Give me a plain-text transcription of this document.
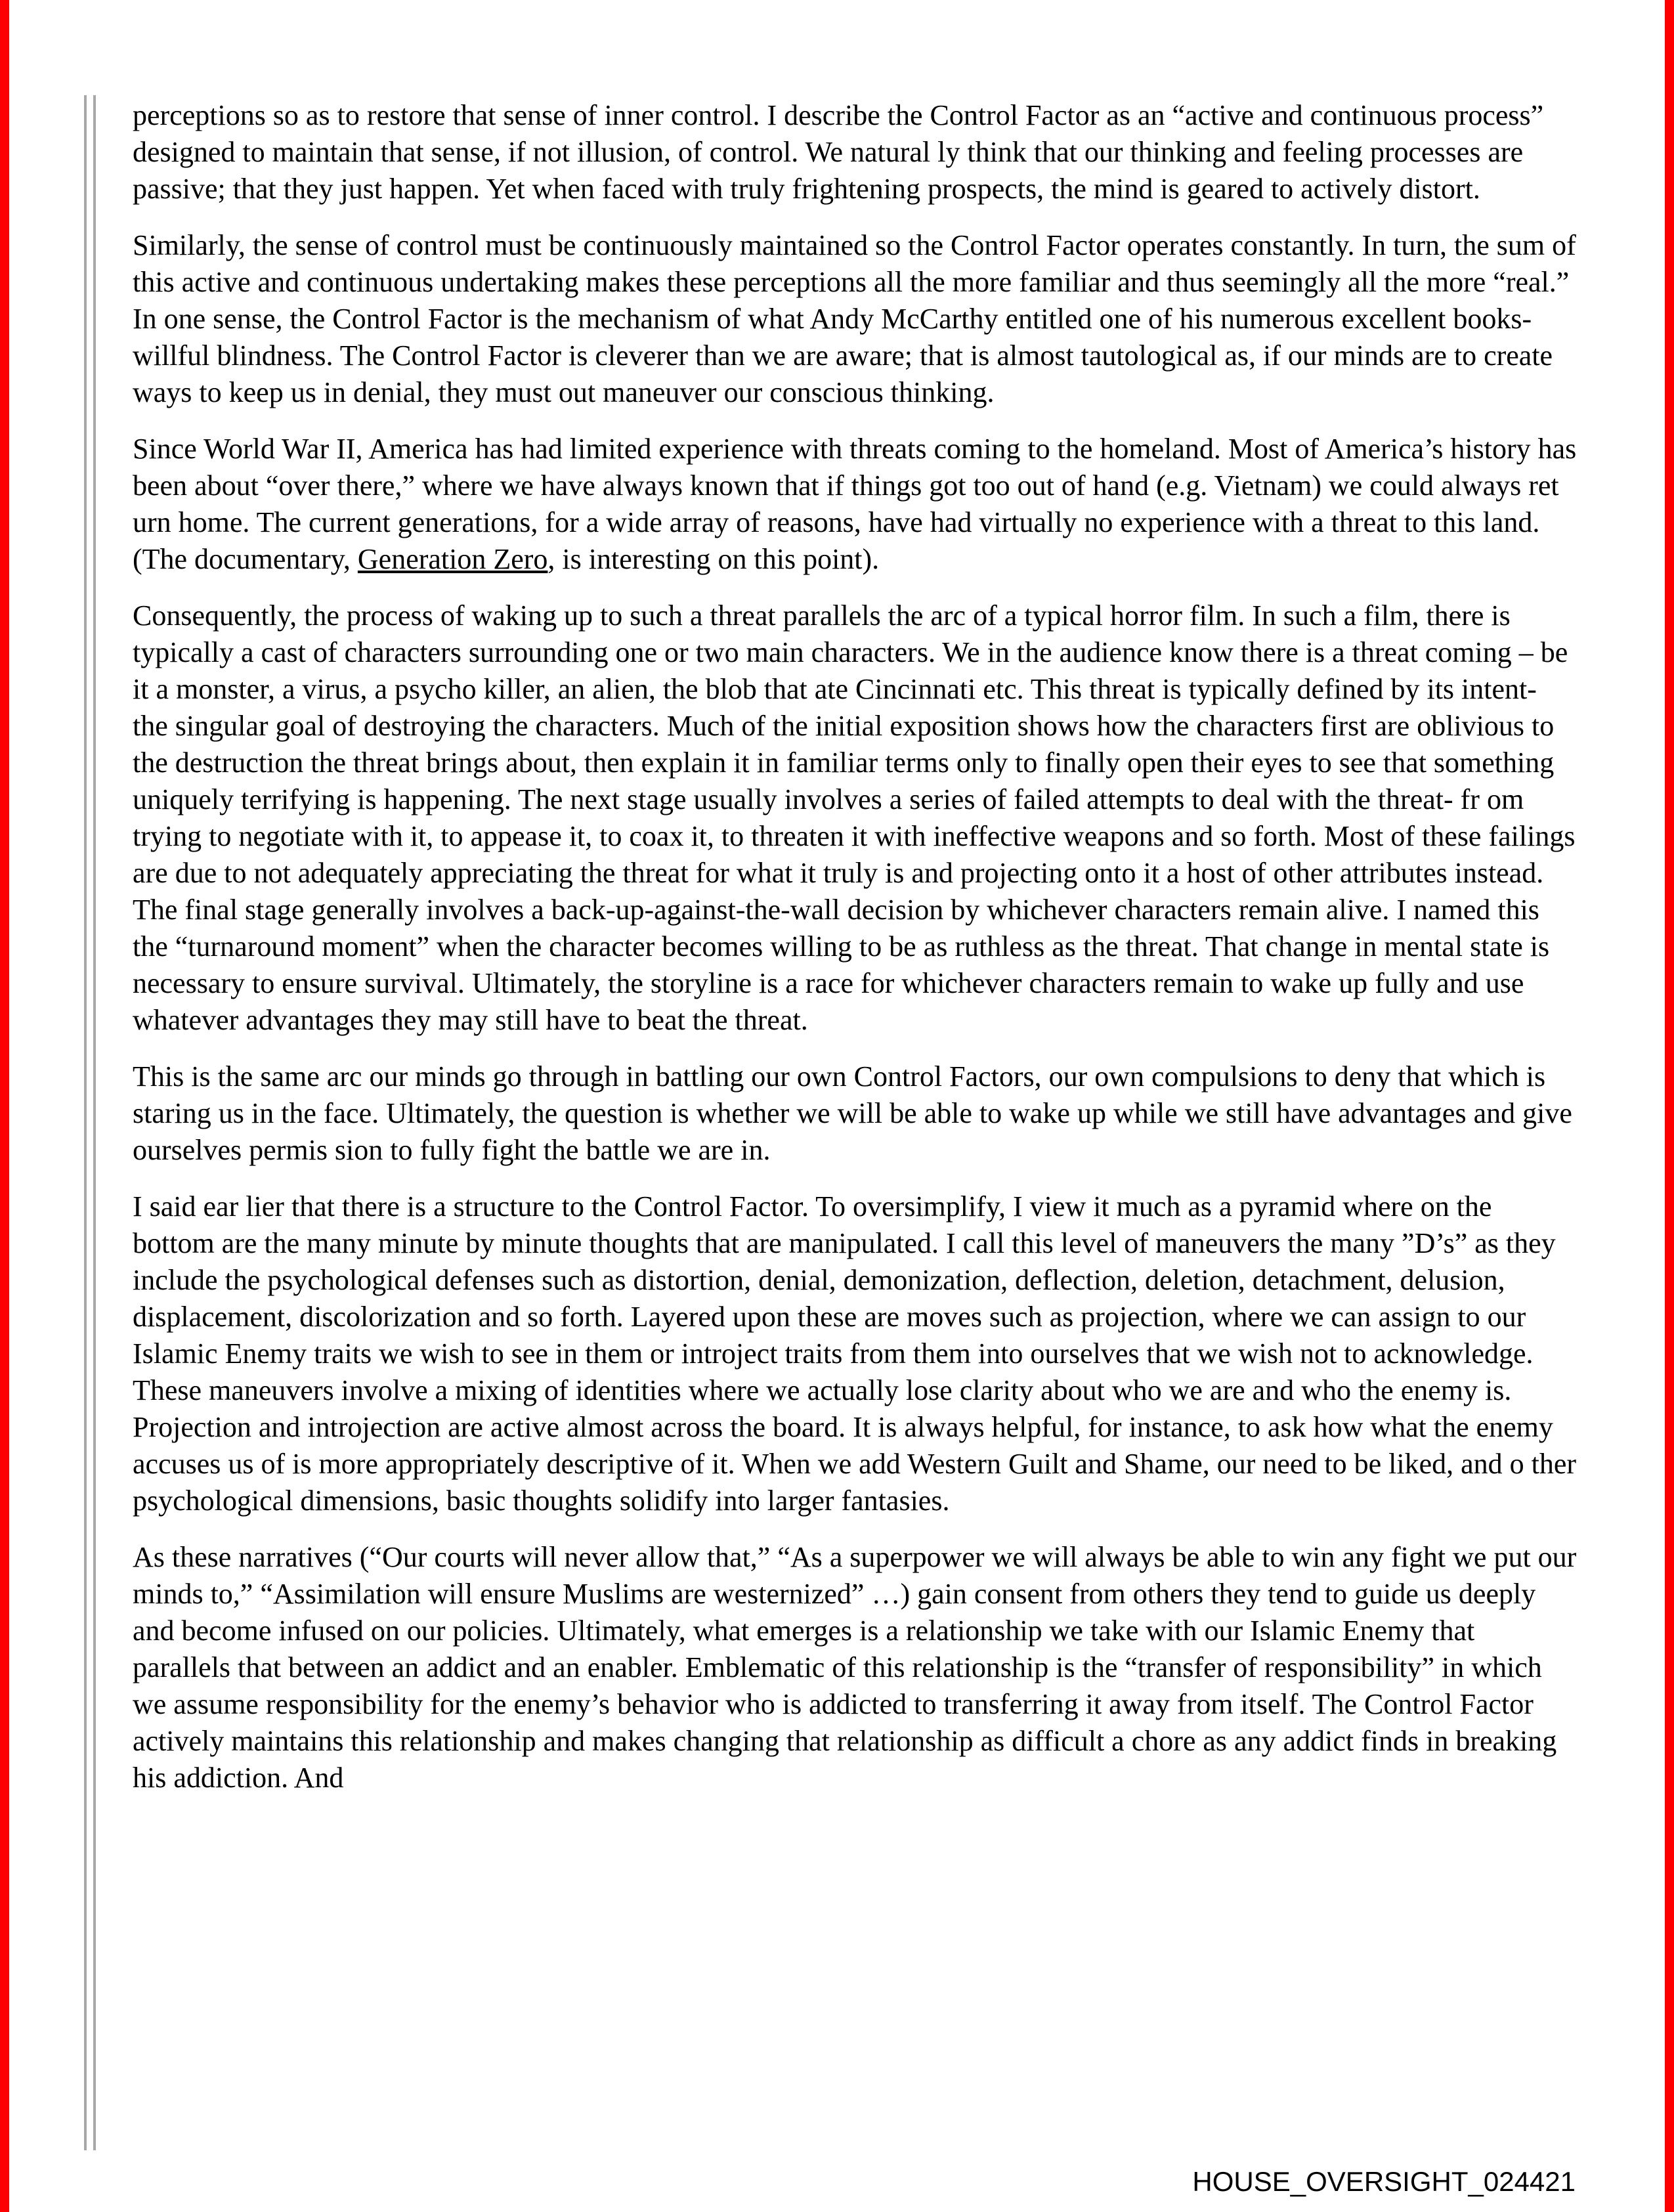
perceptions so as to restore that sense of inner control. I describe the Control Factor as an “active and continuous process” designed to maintain that sense, if not illusion, of control. We natural ly think that our thinking and feeling processes are passive; that they just happen. Yet when faced with truly frightening prospects, the mind is geared to actively distort.

Similarly, the sense of control must be continuously maintained so the Control Factor operates constantly. In turn, the sum of this active and continuous undertaking makes these perceptions all the more familiar and thus seemingly all the more “real.” In one sense, the Control Factor is the mechanism of what Andy McCarthy entitled one of his numerous excellent books- willful blindness. The Control Factor is cleverer than we are aware; that is almost tautological as, if our minds are to create ways to keep us in denial, they must out maneuver our conscious thinking.

Since World War II, America has had limited experience with threats coming to the homeland. Most of America’s history has been about “over there,” where we have always known that if things got too out of hand (e.g. Vietnam) we could always ret urn home. The current generations, for a wide array of reasons, have had virtually no experience with a threat to this land. (The documentary, Generation Zero, is interesting on this point).

Consequently, the process of waking up to such a threat parallels the arc of a typical horror film. In such a film, there is typically a cast of characters surrounding one or two main characters. We in the audience know there is a threat coming – be it a monster, a virus, a psycho killer, an alien, the blob that ate Cincinnati etc. This threat is typically defined by its intent- the singular goal of destroying the characters. Much of the initial exposition shows how the characters first are oblivious to the destruction the threat brings about, then explain it in familiar terms only to finally open their eyes to see that something uniquely terrifying is happening. The next stage usually involves a series of failed attempts to deal with the threat- fr om trying to negotiate with it, to appease it, to coax it, to threaten it with ineffective weapons and so forth. Most of these failings are due to not adequately appreciating the threat for what it truly is and projecting onto it a host of other attributes instead. The final stage generally involves a back-up-against-the-wall decision by whichever characters remain alive. I named this the “turnaround moment” when the character becomes willing to be as ruthless as the threat. That change in mental state is necessary to ensure survival. Ultimately, the storyline is a race for whichever characters remain to wake up fully and use whatever advantages they may still have to beat the threat.

This is the same arc our minds go through in battling our own Control Factors, our own compulsions to deny that which is staring us in the face. Ultimately, the question is whether we will be able to wake up while we still have advantages and give ourselves permis sion to fully fight the battle we are in.

I said ear lier that there is a structure to the Control Factor. To oversimplify, I view it much as a pyramid where on the bottom are the many minute by minute thoughts that are manipulated. I call this level of maneuvers the many ”D’s” as they include the psychological defenses such as distortion, denial, demonization, deflection, deletion, detachment, delusion, displacement, discolorization and so forth. Layered upon these are moves such as projection, where we can assign to our Islamic Enemy traits we wish to see in them or introject traits from them into ourselves that we wish not to acknowledge. These maneuvers involve a mixing of identities where we actually lose clarity about who we are and who the enemy is. Projection and introjection are active almost across the board. It is always helpful, for instance, to ask how what the enemy accuses us of is more appropriately descriptive of it. When we add Western Guilt and Shame, our need to be liked, and o ther psychological dimensions, basic thoughts solidify into larger fantasies.

As these narratives (“Our courts will never allow that,” “As a superpower we will always be able to win any fight we put our minds to,” “Assimilation will ensure Muslims are westernized” …) gain consent from others they tend to guide us deeply and become infused on our policies. Ultimately, what emerges is a relationship we take with our Islamic Enemy that parallels that between an addict and an enabler. Emblematic of this relationship is the “transfer of responsibility” in which we assume responsibility for the enemy’s behavior who is addicted to transferring it away from itself. The Control Factor actively maintains this relationship and makes changing that relationship as difficult a chore as any addict finds in breaking his addiction. And

HOUSE_OVERSIGHT_024421
